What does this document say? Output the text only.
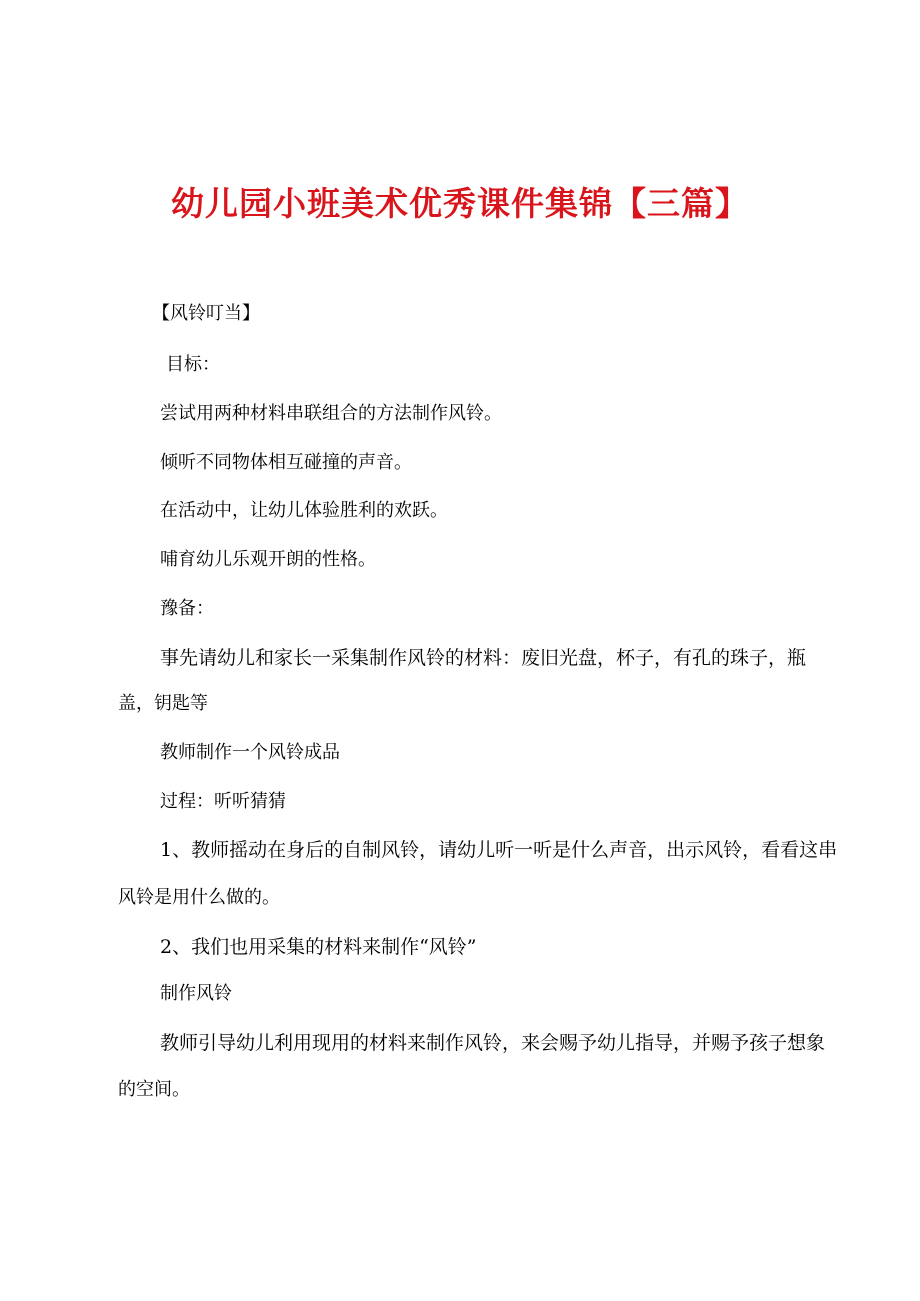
幼儿园小班美术优秀课件集锦【三篇】
【风铃叮当】
目标：
尝试用两种材料串联组合的方法制作风铃。
倾听不同物体相互碰撞的声音。
在活动中，让幼儿体验胜利的欢跃。
哺育幼儿乐观开朗的性格。
豫备：
事先请幼儿和家长一采集制作风铃的材料：废旧光盘，杯子，有孔的珠子，瓶
盖，钥匙等
教师制作一个风铃成品
过程：听听猜猜
1、教师摇动在身后的自制风铃，请幼儿听一听是什么声音，出示风铃，看看这串
风铃是用什么做的。
2、我们也用采集的材料来制作“风铃”
制作风铃
教师引导幼儿利用现用的材料来制作风铃，来会赐予幼儿指导，并赐予孩子想象
的空间。
